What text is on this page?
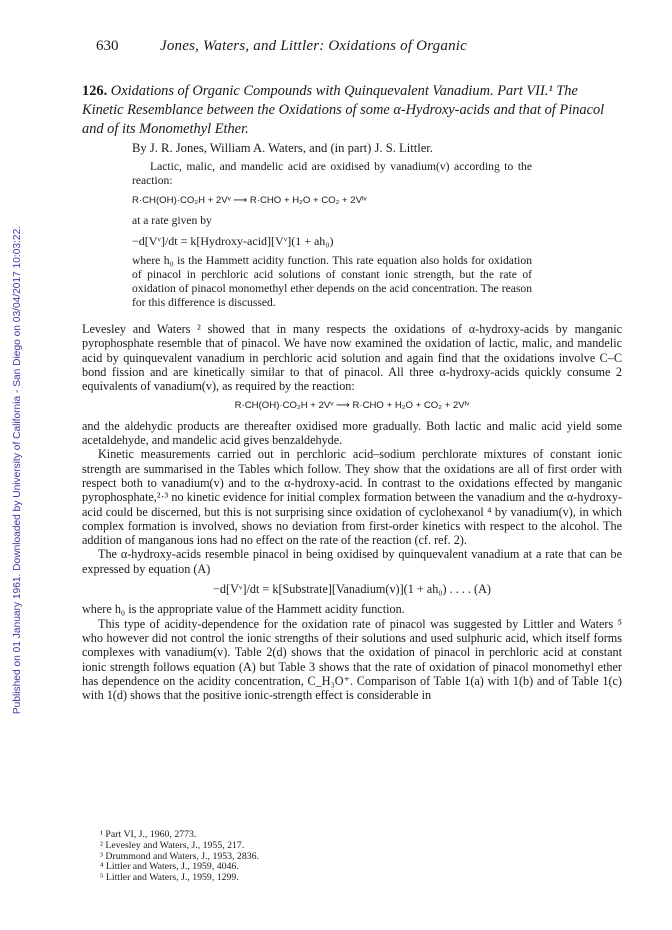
Published on 01 January 1961. Downloaded by University of California - San Diego on 03/04/2017 10:03:22.
630	Jones, Waters, and Littler: Oxidations of Organic
126. Oxidations of Organic Compounds with Quinquevalent Vanadium. Part VII.¹ The Kinetic Resemblance between the Oxidations of some α-Hydroxy-acids and that of Pinacol and of its Monomethyl Ether.
By J. R. Jones, William A. Waters, and (in part) J. S. Littler.

Lactic, malic, and mandelic acid are oxidised by vanadium(v) according to the reaction:

R·CH(OH)·CO₂H + 2Vᵛ ⟶ R·CHO + H₂O + CO₂ + 2Vᴵᵛ

at a rate given by

−d[Vᵛ]/dt = k[Hydroxy-acid][Vᵛ](1 + ah₀)

where h₀ is the Hammett acidity function. This rate equation also holds for oxidation of pinacol in perchloric acid solutions of constant ionic strength, but the rate of oxidation of pinacol monomethyl ether depends on the acid concentration. The reason for this difference is discussed.

Levesley and Waters ² showed that in many respects the oxidations of α-hydroxy-acids by manganic pyrophosphate resemble that of pinacol. We have now examined the oxidation of lactic, malic, and mandelic acid by quinquevalent vanadium in perchloric acid solution and again find that the oxidations involve C–C bond fission and are kinetically similar to that of pinacol. All three α-hydroxy-acids quickly consume 2 equivalents of vanadium(v), as required by the reaction:

R·CH(OH)·CO₂H + 2Vᵛ ⟶ R·CHO + H₂O + CO₂ + 2Vᴵᵛ

and the aldehydic products are thereafter oxidised more gradually. Both lactic and malic acid yield some acetaldehyde, and mandelic acid gives benzaldehyde.

Kinetic measurements carried out in perchloric acid–sodium perchlorate mixtures of constant ionic strength are summarised in the Tables which follow. They show that the oxidations are all of first order with respect both to vanadium(v) and to the α-hydroxy-acid. In contrast to the oxidations effected by manganic pyrophosphate,²·³ no kinetic evidence for initial complex formation between the vanadium and the α-hydroxy-acid could be discerned, but this is not surprising since oxidation of cyclohexanol ⁴ by vanadium(v), in which complex formation is involved, shows no deviation from first-order kinetics with respect to the alcohol. The addition of manganous ions had no effect on the rate of the reaction (cf. ref. 2).

The α-hydroxy-acids resemble pinacol in being oxidised by quinquevalent vanadium at a rate that can be expressed by equation (A)

−d[Vᵛ]/dt = k[Substrate][Vanadium(v)](1 + ah₀) . . . . (A)

where h₀ is the appropriate value of the Hammett acidity function.

This type of acidity-dependence for the oxidation rate of pinacol was suggested by Littler and Waters ⁵ who however did not control the ionic strengths of their solutions and used sulphuric acid, which itself forms complexes with vanadium(v). Table 2(d) shows that the oxidation of pinacol in perchloric acid at constant ionic strength follows equation (A) but Table 3 shows that the rate of oxidation of pinacol monomethyl ether has dependence on the acidity concentration, C_H₃O⁺. Comparison of Table 1(a) with 1(b) and of Table 1(c) with 1(d) shows that the positive ionic-strength effect is considerable in

¹ Part VI, J., 1960, 2773.
² Levesley and Waters, J., 1955, 217.
³ Drummond and Waters, J., 1953, 2836.
⁴ Littler and Waters, J., 1959, 4046.
⁵ Littler and Waters, J., 1959, 1299.
